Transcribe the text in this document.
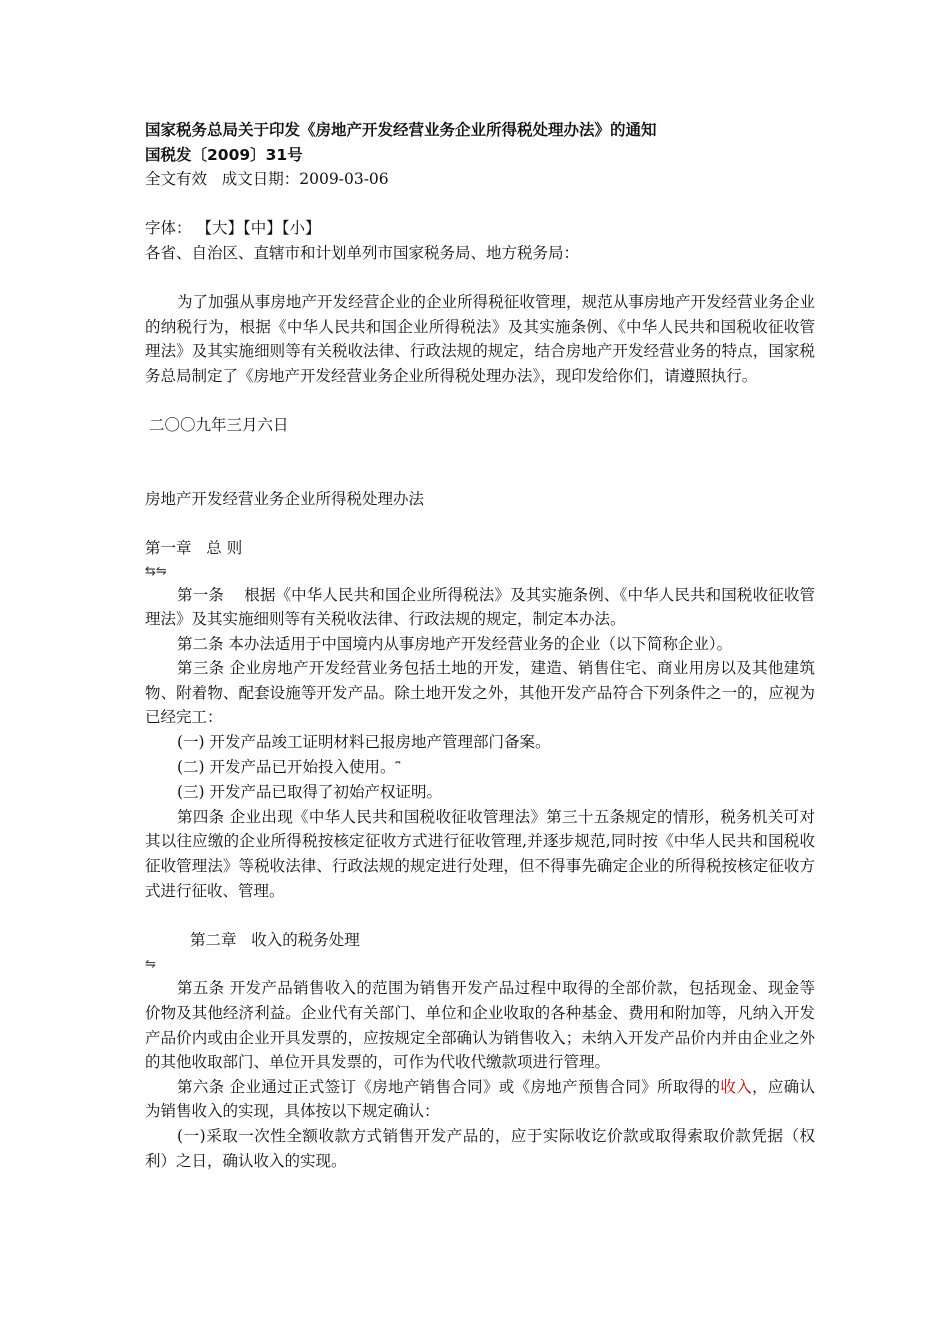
国家税务总局关于印发《房地产开发经营业务企业所得税处理办法》的通知
国税发〔2009〕31号
全文有效   成文日期：2009-03-06
字体： 【大】【中】【小】
各省、自治区、直辖市和计划单列市国家税务局、地方税务局：

为了加强从事房地产开发经营企业的企业所得税征收管理，规范从事房地产开发经营业务企业的纳税行为，根据《中华人民共和国企业所得税法》及其实施条例、《中华人民共和国税收征收管理法》及其实施细则等有关税收法律、行政法规的规定，结合房地产开发经营业务的特点，国家税务总局制定了《房地产开发经营业务企业所得税处理办法》，现印发给你们，请遵照执行。

二〇〇九年三月六日
房地产开发经营业务企业所得税处理办法
第一章   总 则
⇆⇋

第一条    根据《中华人民共和国企业所得税法》及其实施条例、《中华人民共和国税收征收管理法》及其实施细则等有关税收法律、行政法规的规定，制定本办法。

第二条 本办法适用于中国境内从事房地产开发经营业务的企业（以下简称企业）。

第三条 企业房地产开发经营业务包括土地的开发，建造、销售住宅、商业用房以及其他建筑物、附着物、配套设施等开发产品。除土地开发之外，其他开发产品符合下列条件之一的，应视为已经完工：

(一) 开发产品竣工证明材料已报房地产管理部门备案。

(二) 开发产品已开始投入使用。⎴

(三) 开发产品已取得了初始产权证明。

第四条 企业出现《中华人民共和国税收征收管理法》第三十五条规定的情形，税务机关可对其以往应缴的企业所得税按核定征收方式进行征收管理,并逐步规范,同时按《中华人民共和国税收征收管理法》等税收法律、行政法规的规定进行处理，但不得事先确定企业的所得税按核定征收方式进行征收、管理。

第二章   收入的税务处理
⇋

第五条 开发产品销售收入的范围为销售开发产品过程中取得的全部价款，包括现金、现金等价物及其他经济利益。企业代有关部门、单位和企业收取的各种基金、费用和附加等，凡纳入开发产品价内或由企业开具发票的，应按规定全部确认为销售收入；未纳入开发产品价内并由企业之外的其他收取部门、单位开具发票的，可作为代收代缴款项进行管理。

第六条 企业通过正式签订《房地产销售合同》或《房地产预售合同》所取得的收入，应确认为销售收入的实现，具体按以下规定确认：

(一)采取一次性全额收款方式销售开发产品的，应于实际收讫价款或取得索取价款凭据（权利）之日，确认收入的实现。
